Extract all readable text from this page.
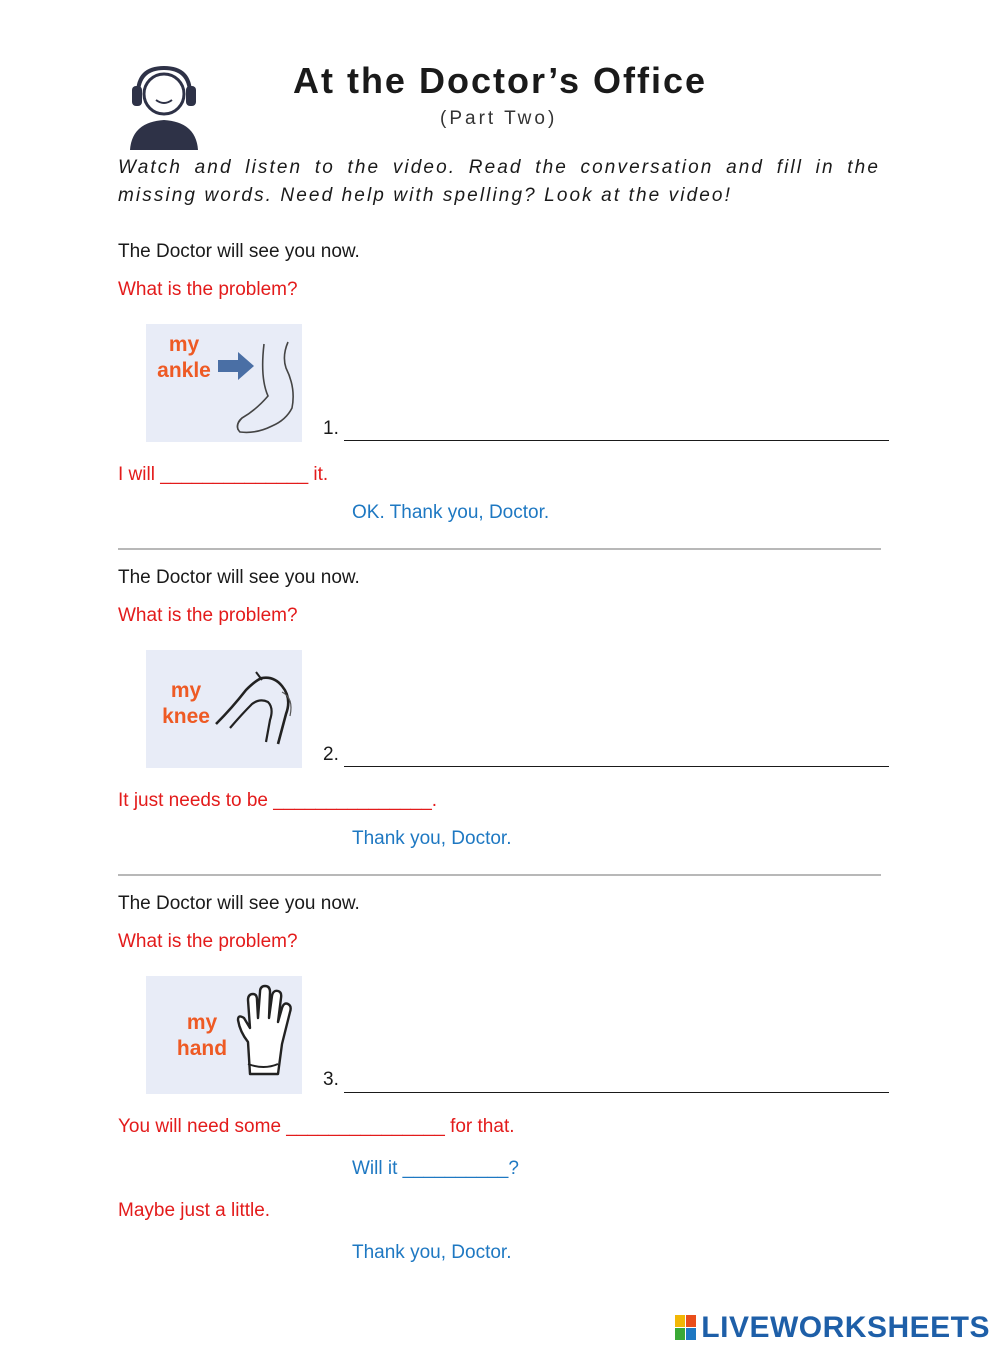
At the Doctor’s Office
(Part Two)
Watch and listen to the video. Read the conversation and fill in the missing words. Need help with spelling? Look at the video!
The Doctor will see you now.
What is the problem?
my
ankle
1.
I will ______________ it.
OK. Thank you, Doctor.
The Doctor will see you now.
What is the problem?
my
knee
2.
It just needs to be _______________.
Thank you, Doctor.
The Doctor will see you now.
What is the problem?
my
hand
3.
You will need some _______________ for that.
Will it __________?
Maybe just a little.
Thank you, Doctor.
LIVEWORKSHEETS
